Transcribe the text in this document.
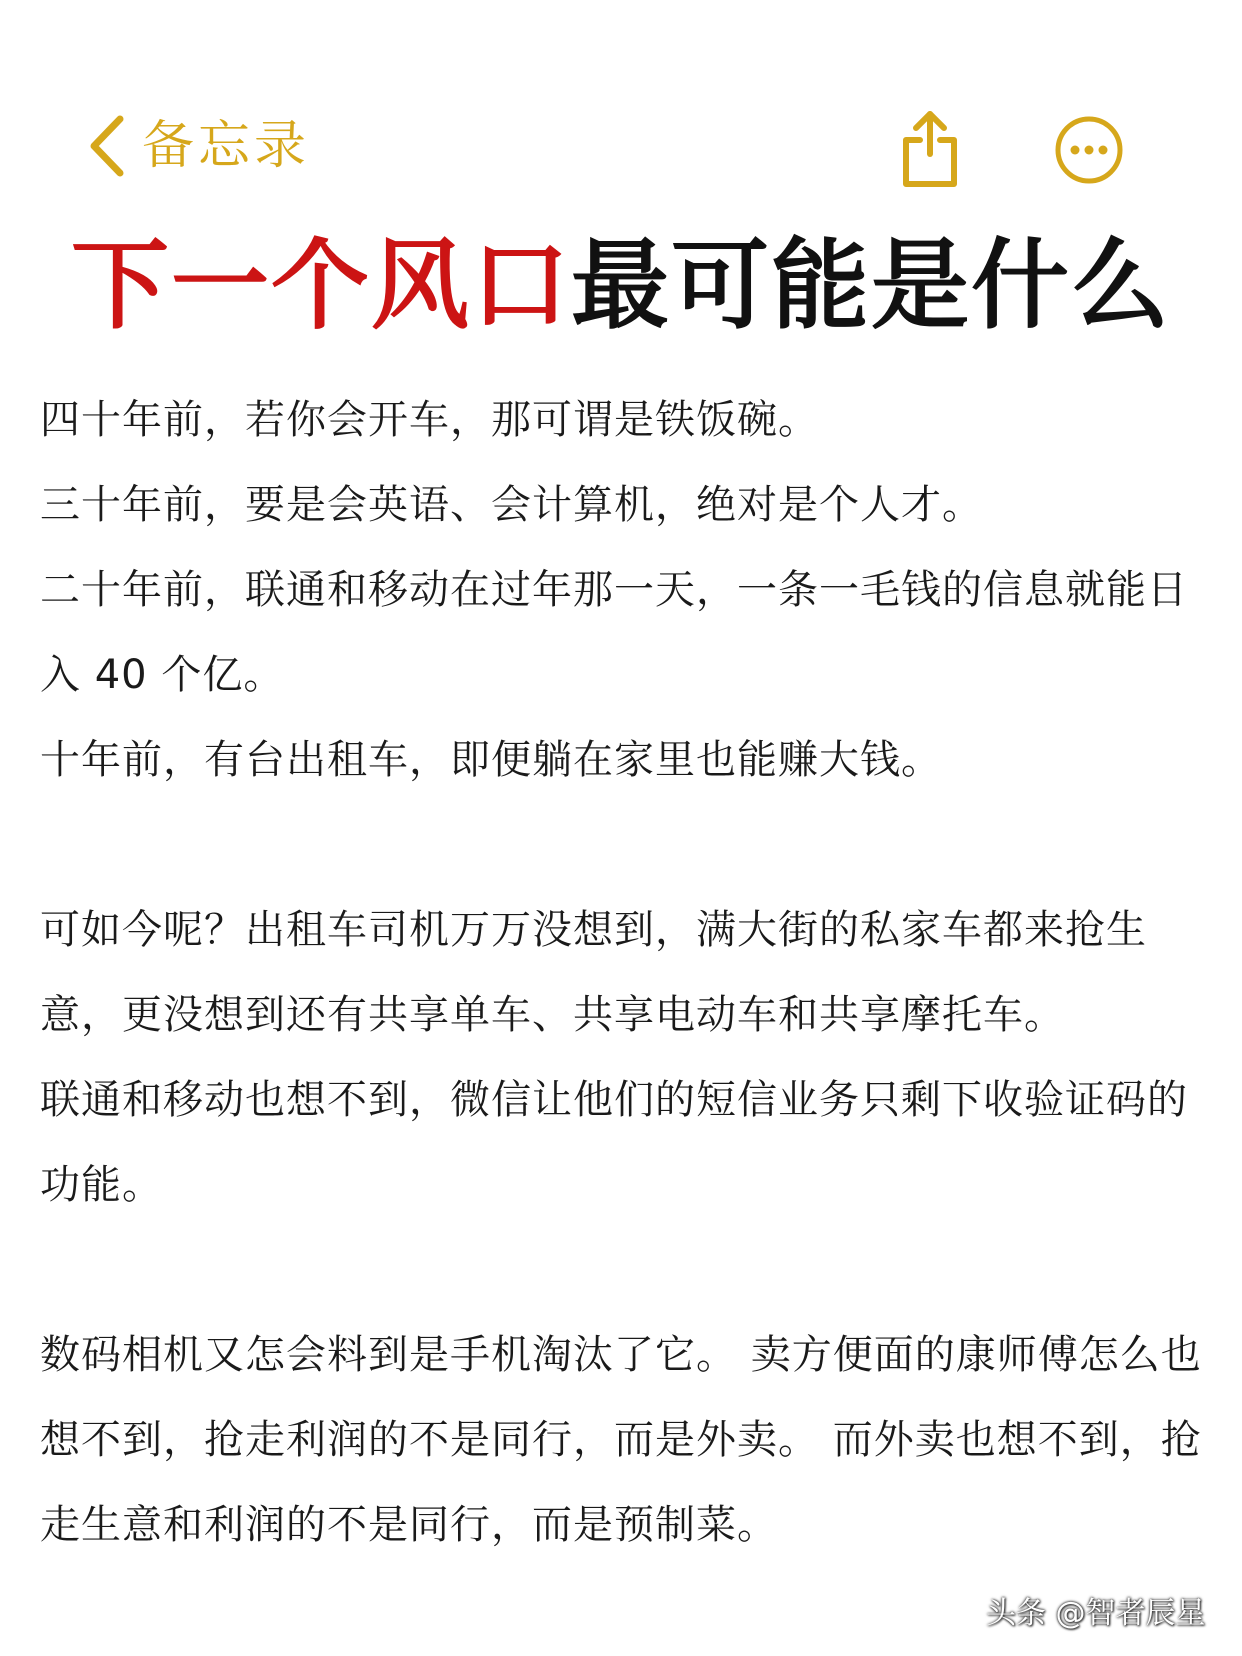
备忘录
下一个风口最可能是什么

四十年前，若你会开车，那可谓是铁饭碗。

三十年前，要是会英语、会计算机，绝对是个人才。

二十年前，联通和移动在过年那一天，一条一毛钱的信息就能日入 40 个亿。

十年前，有台出租车，即便躺在家里也能赚大钱。

可如今呢？出租车司机万万没想到，满大街的私家车都来抢生意，更没想到还有共享单车、共享电动车和共享摩托车。

联通和移动也想不到，微信让他们的短信业务只剩下收验证码的功能。

数码相机又怎会料到是手机淘汰了它。 卖方便面的康师傅怎么也想不到，抢走利润的不是同行，而是外卖。 而外卖也想不到，抢走生意和利润的不是同行，而是预制菜。

头条 @智者辰星
